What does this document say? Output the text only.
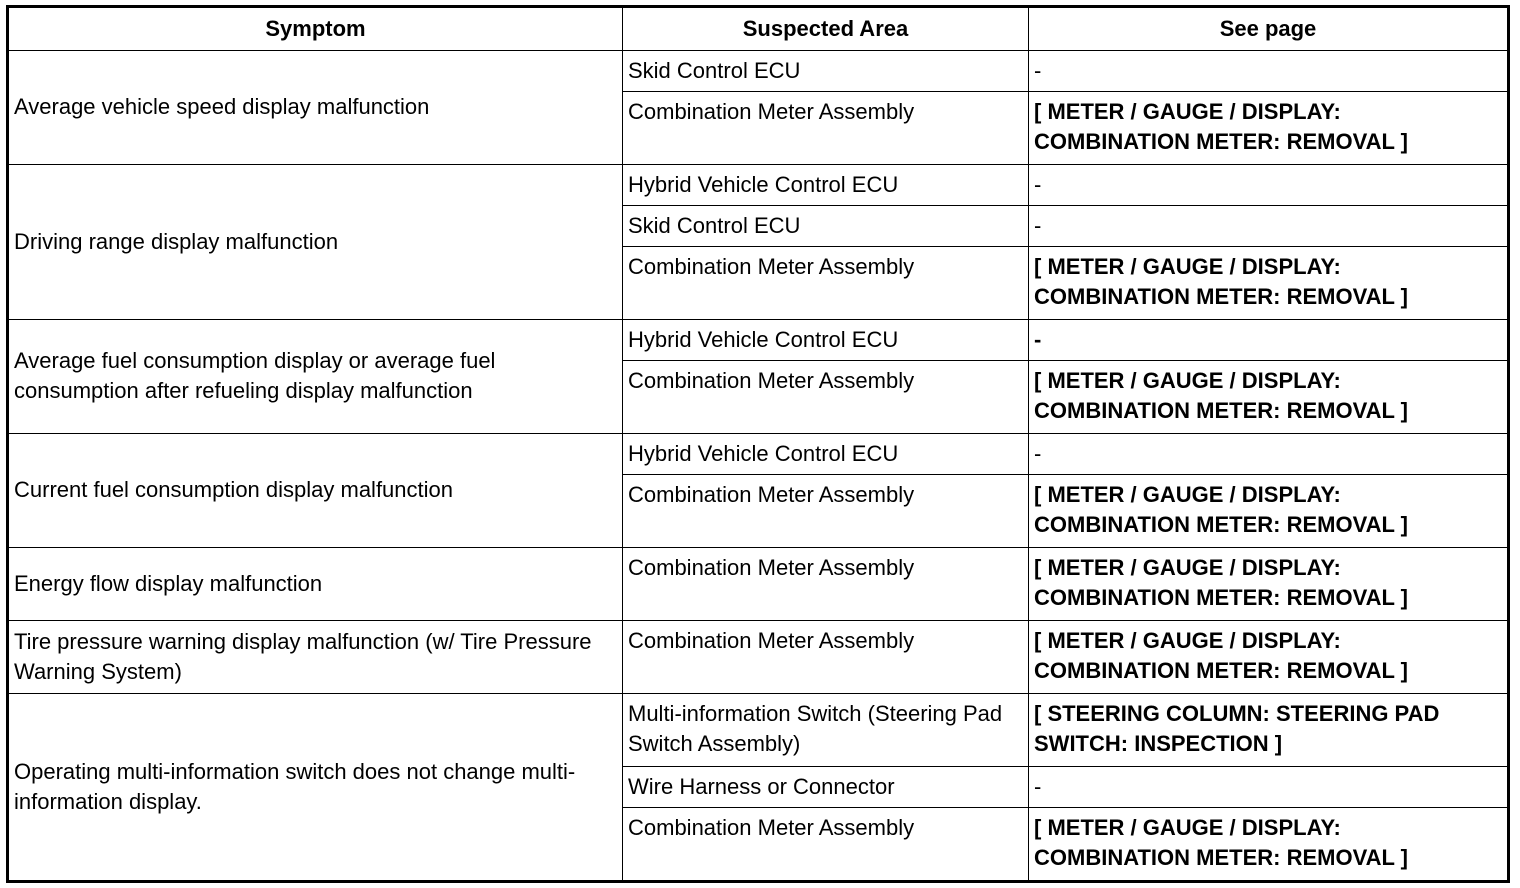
Symptom	Suspected Area	See page
Average vehicle speed display malfunction	Skid Control ECU	-
	Combination Meter Assembly	[ METER / GAUGE / DISPLAY: COMBINATION METER: REMOVAL ]
Driving range display malfunction	Hybrid Vehicle Control ECU	-
	Skid Control ECU	-
	Combination Meter Assembly	[ METER / GAUGE / DISPLAY: COMBINATION METER: REMOVAL ]
Average fuel consumption display or average fuel consumption after refueling display malfunction	Hybrid Vehicle Control ECU	-
	Combination Meter Assembly	[ METER / GAUGE / DISPLAY: COMBINATION METER: REMOVAL ]
Current fuel consumption display malfunction	Hybrid Vehicle Control ECU	-
	Combination Meter Assembly	[ METER / GAUGE / DISPLAY: COMBINATION METER: REMOVAL ]
Energy flow display malfunction	Combination Meter Assembly	[ METER / GAUGE / DISPLAY: COMBINATION METER: REMOVAL ]
Tire pressure warning display malfunction (w/ Tire Pressure Warning System)	Combination Meter Assembly	[ METER / GAUGE / DISPLAY: COMBINATION METER: REMOVAL ]
Operating multi-information switch does not change multi-information display.	Multi-information Switch (Steering Pad Switch Assembly)	[ STEERING COLUMN: STEERING PAD SWITCH: INSPECTION ]
	Wire Harness or Connector	-
	Combination Meter Assembly	[ METER / GAUGE / DISPLAY: COMBINATION METER: REMOVAL ]
